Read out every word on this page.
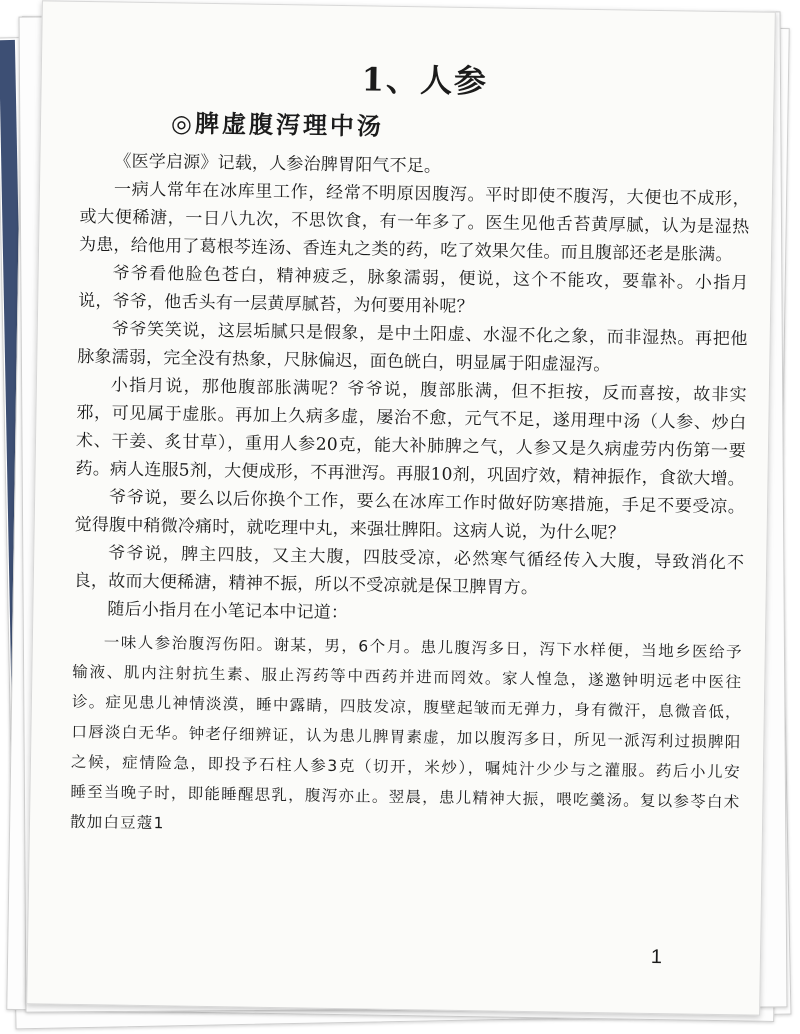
1、人参
◎脾虚腹泻理中汤

《医学启源》记载，人参治脾胃阳气不足。

一病人常年在冰库里工作，经常不明原因腹泻。平时即使不腹泻，大便也不成形，或大便稀溏，一日八九次，不思饮食，有一年多了。医生见他舌苔黄厚腻，认为是湿热为患，给他用了葛根芩连汤、香连丸之类的药，吃了效果欠佳。而且腹部还老是胀满。

爷爷看他脸色苍白，精神疲乏，脉象濡弱，便说，这个不能攻，要靠补。小指月说，爷爷，他舌头有一层黄厚腻苔，为何要用补呢？

爷爷笑笑说，这层垢腻只是假象，是中土阳虚、水湿不化之象，而非湿热。再把他脉象濡弱，完全没有热象，尺脉偏迟，面色㿠白，明显属于阳虚湿泻。

小指月说，那他腹部胀满呢？爷爷说，腹部胀满，但不拒按，反而喜按，故非实邪，可见属于虚胀。再加上久病多虚，屡治不愈，元气不足，遂用理中汤（人参、炒白术、干姜、炙甘草），重用人参20克，能大补肺脾之气，人参又是久病虚劳内伤第一要药。病人连服5剂，大便成形，不再泄泻。再服10剂，巩固疗效，精神振作，食欲大增。

爷爷说，要么以后你换个工作，要么在冰库工作时做好防寒措施，手足不要受凉。觉得腹中稍微冷痛时，就吃理中丸，来强壮脾阳。这病人说，为什么呢？

爷爷说，脾主四肢，又主大腹，四肢受凉，必然寒气循经传入大腹，导致消化不良，故而大便稀溏，精神不振，所以不受凉就是保卫脾胃方。

随后小指月在小笔记本中记道：

一味人参治腹泻伤阳。谢某，男，6个月。患儿腹泻多日，泻下水样便，当地乡医给予输液、肌内注射抗生素、服止泻药等中西药并进而罔效。家人惶急，遂邀钟明远老中医往诊。症见患儿神情淡漠，睡中露睛，四肢发凉，腹壁起皱而无弹力，身有微汗，息微音低，口唇淡白无华。钟老仔细辨证，认为患儿脾胃素虚，加以腹泻多日，所见一派泻利过损脾阳之候，症情险急，即投予石柱人参3克（切开，米炒），嘱炖汁少少与之灌服。药后小儿安睡至当晚子时，即能睡醒思乳，腹泻亦止。翌晨，患儿精神大振，喂吃羹汤。复以参苓白术散加白豆蔻1

1
